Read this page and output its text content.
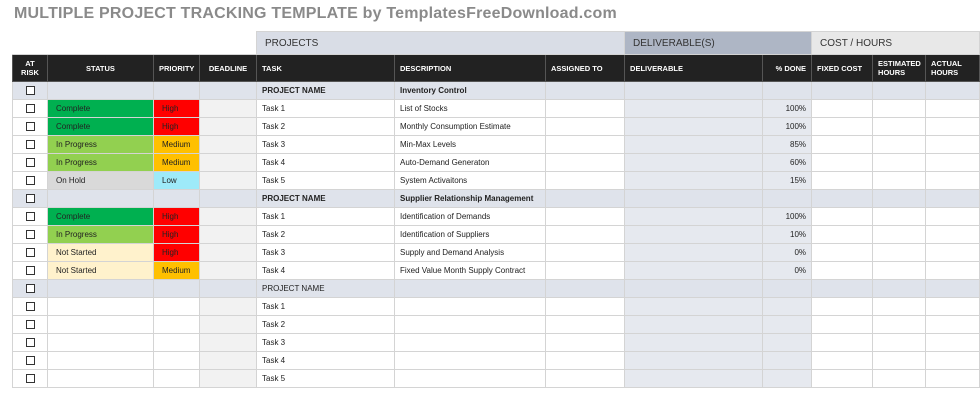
MULTIPLE PROJECT TRACKING TEMPLATE by TemplatesFreeDownload.com
				PROJECTS			DELIVERABLE(S)		COST / HOURS		
AT RISK	STATUS	PRIORITY	DEADLINE	TASK	DESCRIPTION	ASSIGNED TO	DELIVERABLE	% DONE	FIXED COST	ESTIMATED HOURS	ACTUAL HOURS
				PROJECT NAME	Inventory Control						
	Complete	High		Task 1	List of Stocks			100%			
	Complete	High		Task 2	Monthly Consumption Estimate			100%			
	In Progress	Medium		Task 3	Min-Max Levels			85%			
	In Progress	Medium		Task 4	Auto-Demand Generaton			60%			
	On Hold	Low		Task 5	System Activaitons			15%			
				PROJECT NAME	Supplier Relationship Management						
	Complete	High		Task 1	Identification of Demands			100%			
	In Progress	High		Task 2	Identification of Suppliers			10%			
	Not Started	High		Task 3	Supply and Demand Analysis			0%			
	Not Started	Medium		Task 4	Fixed Value Month Supply Contract			0%			
				PROJECT NAME							
				Task 1							
				Task 2							
				Task 3							
				Task 4							
				Task 5							
